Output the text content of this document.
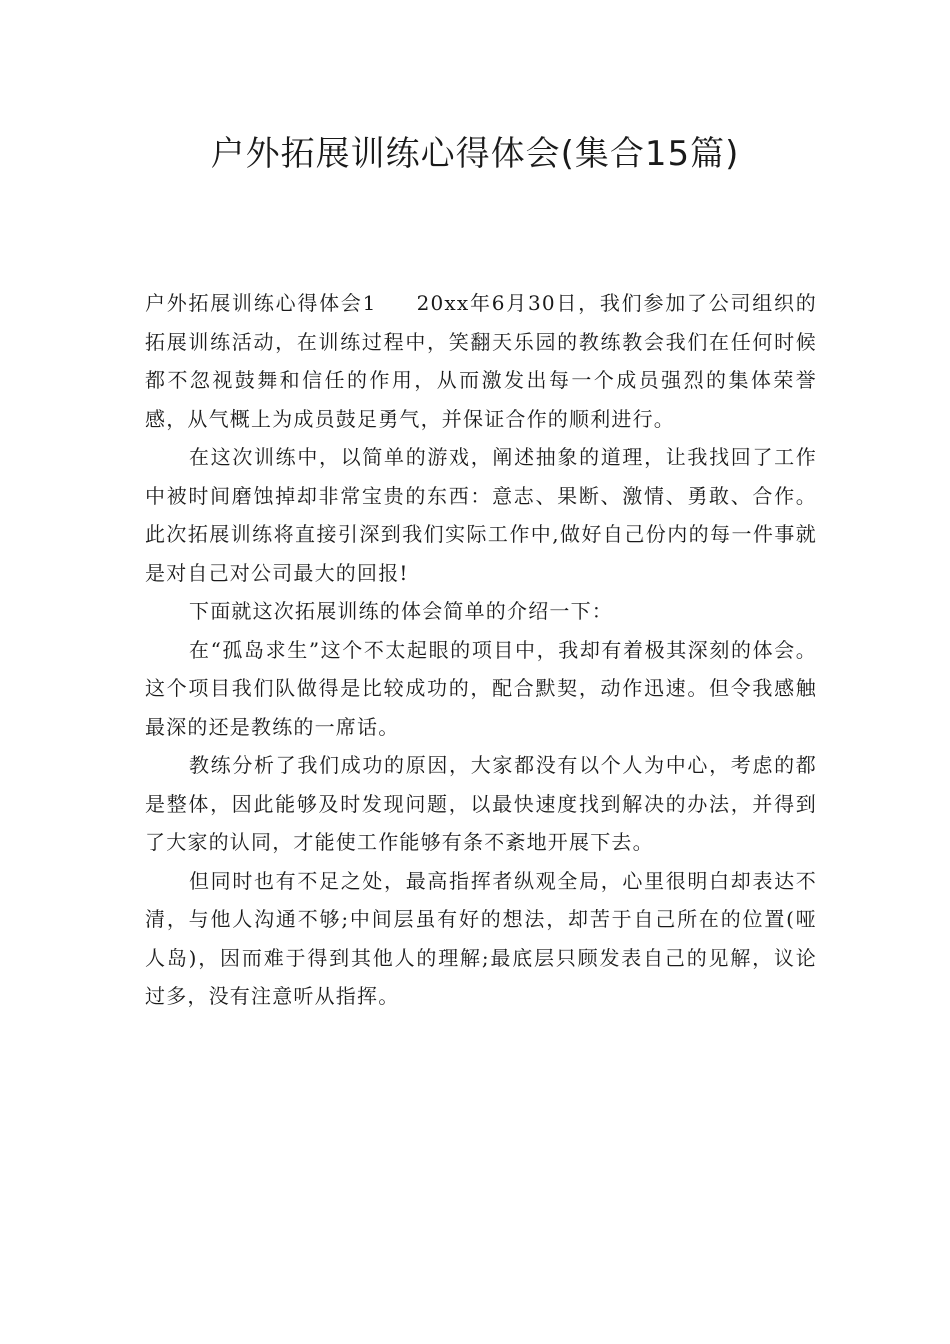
户外拓展训练心得体会(集合15篇)

户外拓展训练心得体会1 20xx年6月30日，我们参加了公司组织的拓展训练活动，在训练过程中，笑翻天乐园的教练教会我们在任何时候都不忽视鼓舞和信任的作用，从而激发出每一个成员强烈的集体荣誉感，从气概上为成员鼓足勇气，并保证合作的顺利进行。

在这次训练中，以简单的游戏，阐述抽象的道理，让我找回了工作中被时间磨蚀掉却非常宝贵的东西：意志、果断、激情、勇敢、合作。此次拓展训练将直接引深到我们实际工作中,做好自己份内的每一件事就是对自己对公司最大的回报!

下面就这次拓展训练的体会简单的介绍一下：

在“孤岛求生”这个不太起眼的项目中，我却有着极其深刻的体会。这个项目我们队做得是比较成功的，配合默契，动作迅速。但令我感触最深的还是教练的一席话。

教练分析了我们成功的原因，大家都没有以个人为中心，考虑的都是整体，因此能够及时发现问题，以最快速度找到解决的办法，并得到了大家的认同，才能使工作能够有条不紊地开展下去。

但同时也有不足之处，最高指挥者纵观全局，心里很明白却表达不清，与他人沟通不够;中间层虽有好的想法，却苦于自己所在的位置(哑人岛)，因而难于得到其他人的理解;最底层只顾发表自己的见解，议论过多，没有注意听从指挥。
